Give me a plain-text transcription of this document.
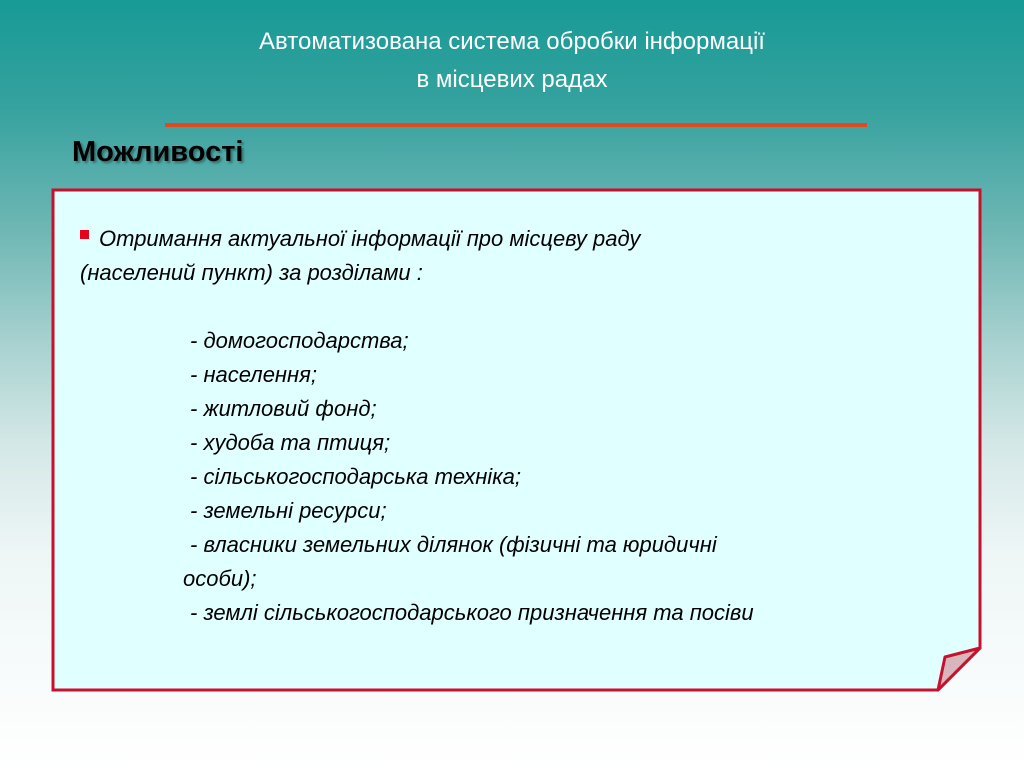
Автоматизована система обробки інформації
в місцевих радах
Можливості
Отримання актуальної інформації про місцеву раду
(населений пункт) за розділами :
- домогосподарства;
- населення;
- житловий фонд;
- худоба та птиця;
- сільськогосподарська техніка;
- земельні ресурси;
- власники земельних ділянок (фізичні та юридичні
особи);
- землі сільськогосподарського призначення та посіви
